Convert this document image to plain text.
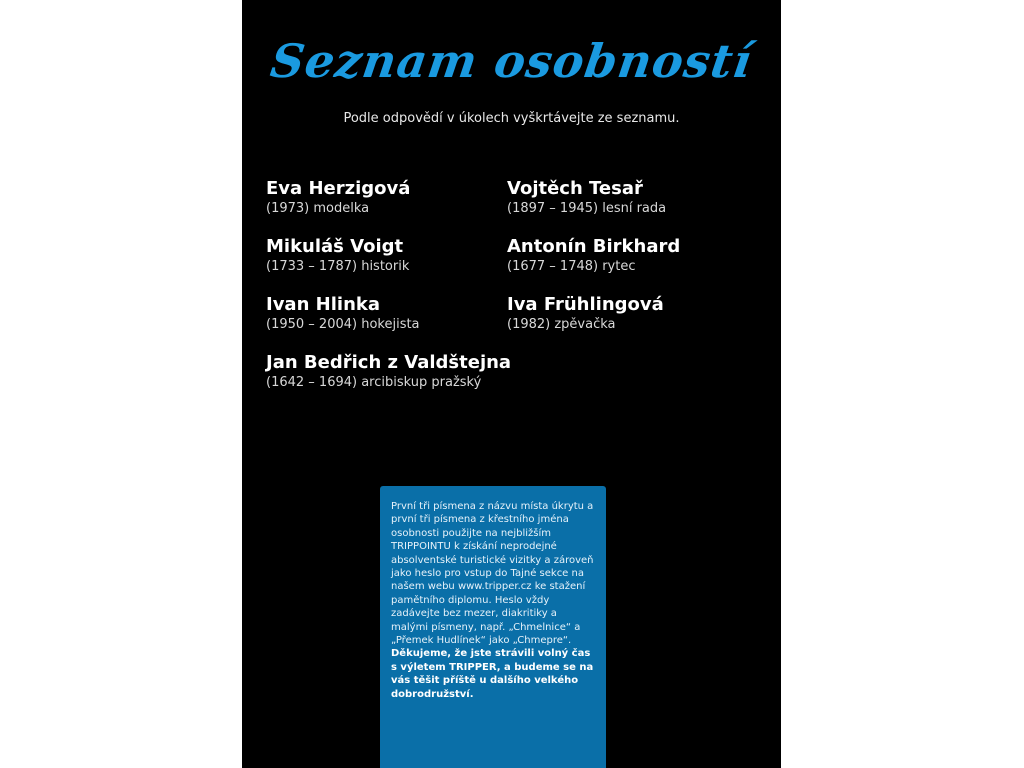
Seznam osobností
Podle odpovědí v úkolech vyškrtávejte ze seznamu.
Eva Herzigová
(1973) modelka
Vojtěch Tesař
(1897 – 1945) lesní rada
Mikuláš Voigt
(1733 – 1787) historik
Antonín Birkhard
(1677 – 1748) rytec
Ivan Hlinka
(1950 – 2004) hokejista
Iva Frühlingová
(1982) zpěvačka
Jan Bedřich z Valdštejna
(1642 – 1694) arcibiskup pražský
První tři písmena z názvu místa úkrytu a první tři písmena z křestního jména osobnosti použijte na nejbližším TRIPPOINTU k získání neprodejné absolventské turistické vizitky a zároveň jako heslo pro vstup do Tajné sekce na našem webu www.tripper.cz ke stažení pamětního diplomu. Heslo vždy zadávejte bez mezer, diakritiky a malými písmeny, např. „Chmelnice“ a „Přemek Hudlínek“ jako „Chmepre“.
Děkujeme, že jste strávili volný čas s výletem TRIPPER, a budeme se na vás těšit příště u dalšího velkého dobrodružství.
